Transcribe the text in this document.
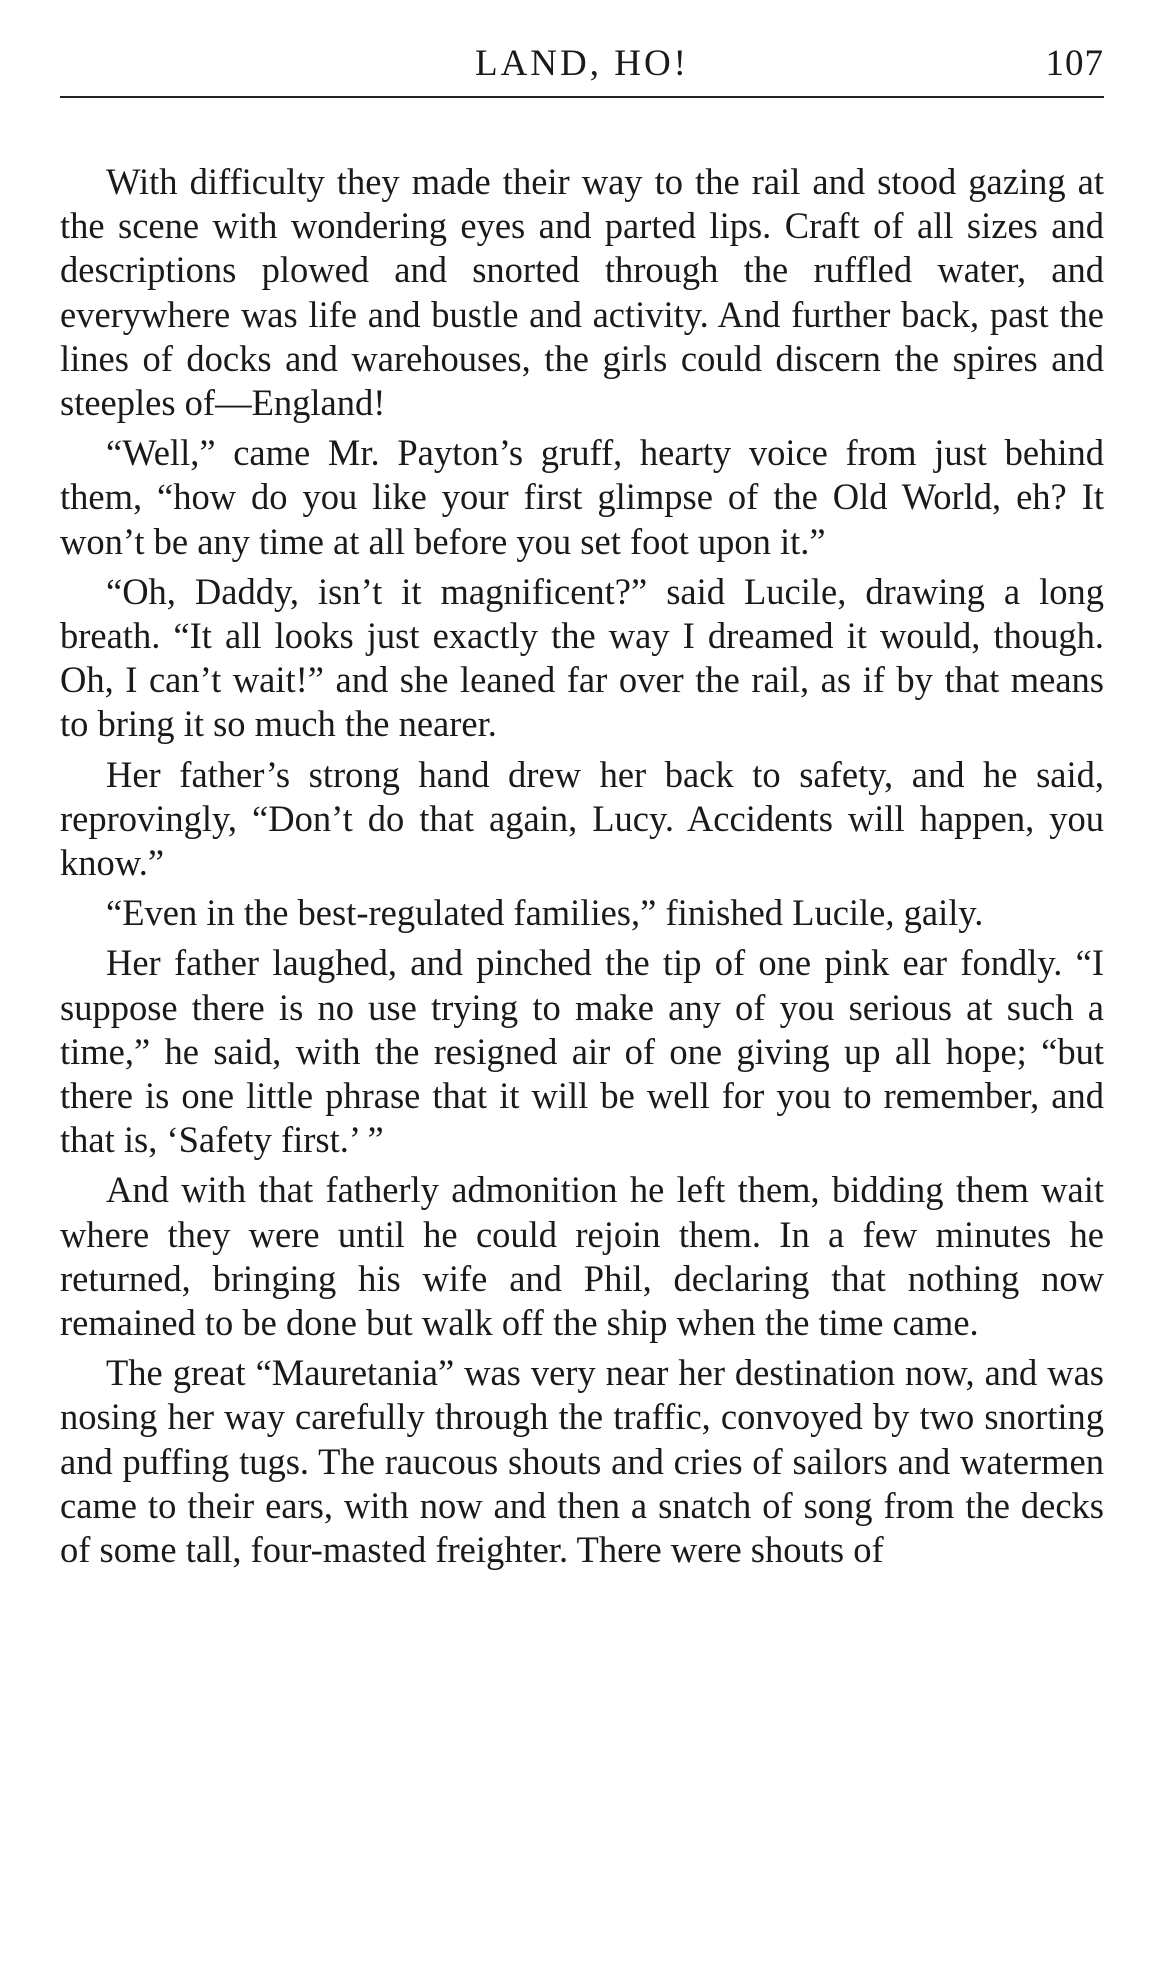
LAND, HO!	107

With difficulty they made their way to the rail and stood gazing at the scene with wondering eyes and parted lips. Craft of all sizes and descriptions plowed and snorted through the ruffled water, and everywhere was life and bustle and activity. And further back, past the lines of docks and warehouses, the girls could discern the spires and steeples of—England!

“Well,” came Mr. Payton’s gruff, hearty voice from just behind them, “how do you like your first glimpse of the Old World, eh? It won’t be any time at all before you set foot upon it.”

“Oh, Daddy, isn’t it magnificent?” said Lucile, drawing a long breath. “It all looks just exactly the way I dreamed it would, though. Oh, I can’t wait!” and she leaned far over the rail, as if by that means to bring it so much the nearer.

Her father’s strong hand drew her back to safety, and he said, reprovingly, “Don’t do that again, Lucy. Accidents will happen, you know.”

“Even in the best-regulated families,” finished Lucile, gaily.

Her father laughed, and pinched the tip of one pink ear fondly. “I suppose there is no use trying to make any of you serious at such a time,” he said, with the resigned air of one giving up all hope; “but there is one little phrase that it will be well for you to remember, and that is, ‘Safety first.’ ”

And with that fatherly admonition he left them, bidding them wait where they were until he could rejoin them. In a few minutes he returned, bringing his wife and Phil, declaring that nothing now remained to be done but walk off the ship when the time came.

The great “Mauretania” was very near her destination now, and was nosing her way carefully through the traffic, convoyed by two snorting and puffing tugs. The raucous shouts and cries of sailors and watermen came to their ears, with now and then a snatch of song from the decks of some tall, four-masted freighter. There were shouts of
